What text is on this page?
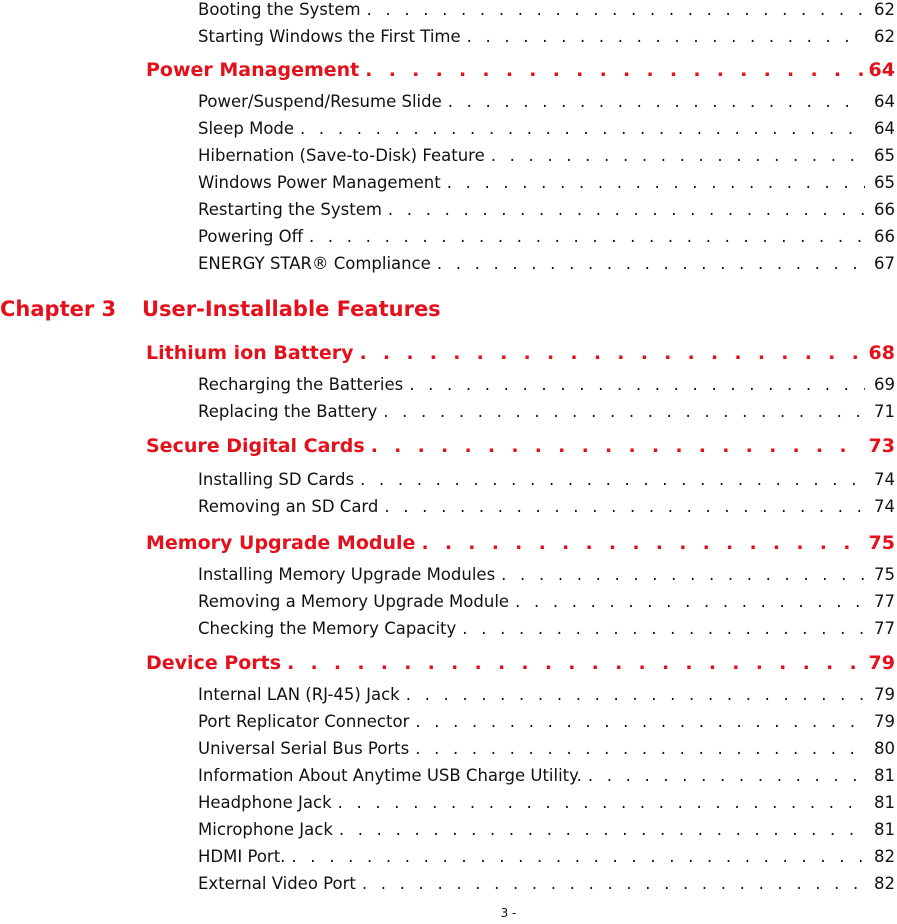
Booting the System . . .	62
Starting Windows the First Time . . .	62
Power Management . . .	64
Power/Suspend/Resume Slide . . .	64
Sleep Mode . . .	64
Hibernation (Save-to-Disk) Feature . . .	65
Windows Power Management . . .	65
Restarting the System . . .	66
Powering Off . . .	66
ENERGY STAR® Compliance . . .	67
Chapter 3 User-Installable Features
Lithium ion Battery . . .	68
Recharging the Batteries . . .	69
Replacing the Battery . . .	71
Secure Digital Cards . . .	73
Installing SD Cards . . .	74
Removing an SD Card . . .	74
Memory Upgrade Module . . .	75
Installing Memory Upgrade Modules . . .	75
Removing a Memory Upgrade Module . . .	77
Checking the Memory Capacity . . .	77
Device Ports . . .	79
Internal LAN (RJ-45) Jack . . .	79
Port Replicator Connector . . .	79
Universal Serial Bus Ports . . .	80
Information About Anytime USB Charge Utility. . . .	81
Headphone Jack . . .	81
Microphone Jack . . .	81
HDMI Port. . . .	82
External Video Port . . .	82
3 -
